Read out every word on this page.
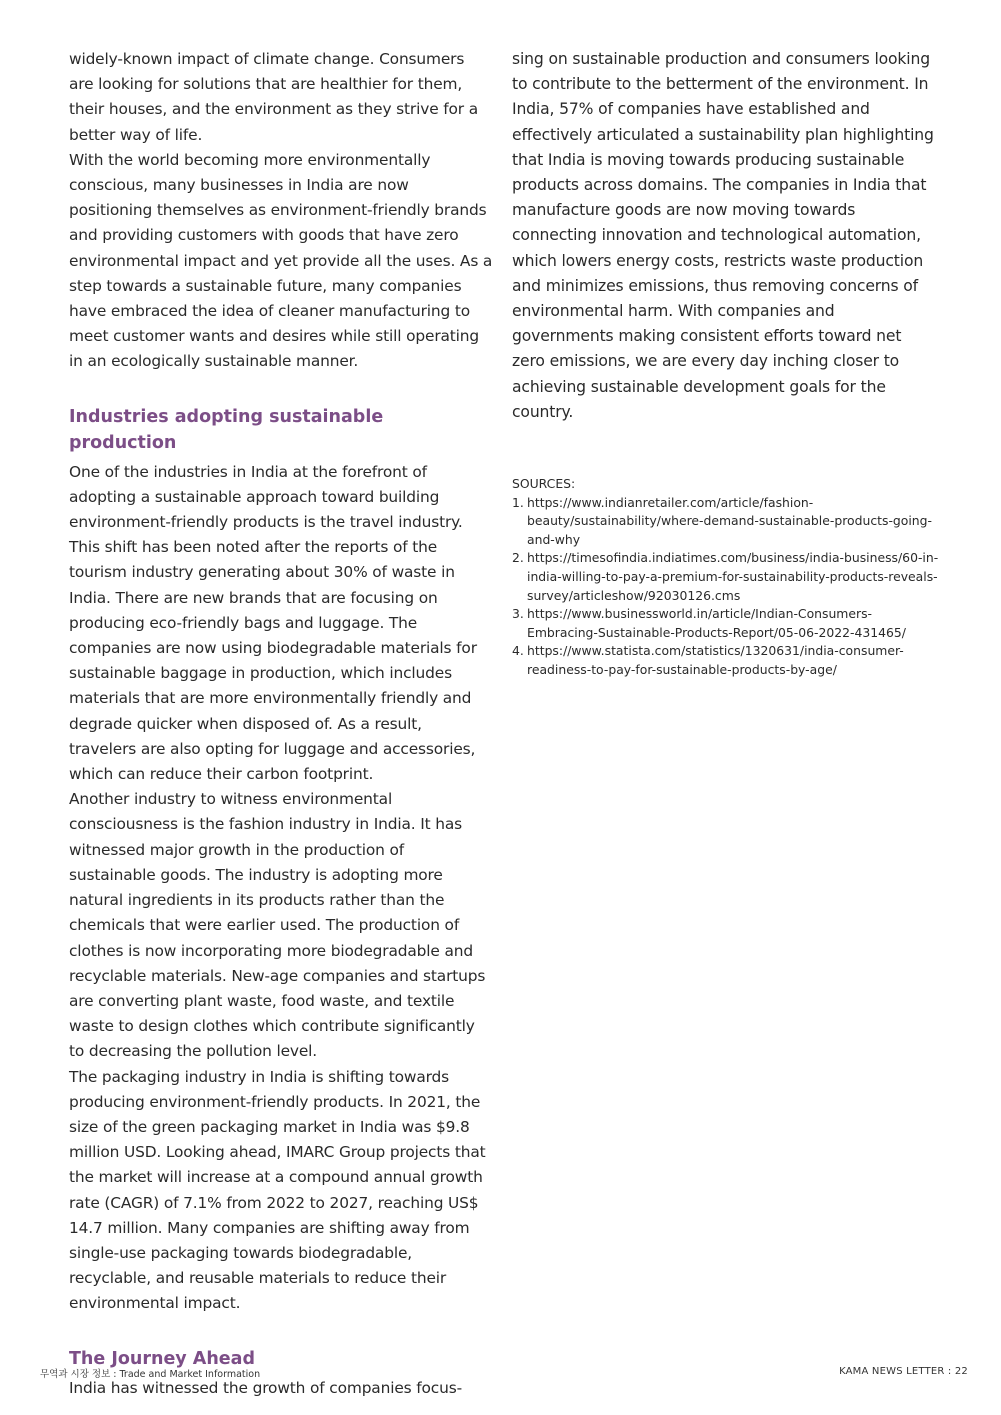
widely-known impact of climate change. Consumers are looking for solutions that are healthier for them, their houses, and the environment as they strive for a better way of life.

With the world becoming more environmentally conscious, many businesses in India are now positioning themselves as environment-friendly brands and providing customers with goods that have zero environmental impact and yet provide all the uses. As a step towards a sustainable future, many companies have embraced the idea of cleaner manufacturing to meet customer wants and desires while still operating in an ecologically sustainable manner.

Industries adopting sustainable production

One of the industries in India at the forefront of adopting a sustainable approach toward building environment-friendly products is the travel industry. This shift has been noted after the reports of the tourism industry generating about 30% of waste in India. There are new brands that are focusing on producing eco-friendly bags and luggage. The companies are now using biodegradable materials for sustainable baggage in production, which includes materials that are more environmentally friendly and degrade quicker when disposed of. As a result, travelers are also opting for luggage and accessories, which can reduce their carbon footprint.

Another industry to witness environmental consciousness is the fashion industry in India. It has witnessed major growth in the production of sustainable goods. The industry is adopting more natural ingredients in its products rather than the chemicals that were earlier used. The production of clothes is now incorporating more biodegradable and recyclable materials. New-age companies and startups are converting plant waste, food waste, and textile waste to design clothes which contribute significantly to decreasing the pollution level.

The packaging industry in India is shifting towards producing environment-friendly products. In 2021, the size of the green packaging market in India was $9.8 million USD. Looking ahead, IMARC Group projects that the market will increase at a compound annual growth rate (CAGR) of 7.1% from 2022 to 2027, reaching US$ 14.7 million. Many companies are shifting away from single-use packaging towards biodegradable, recyclable, and reusable materials to reduce their environmental impact.

The Journey Ahead

India has witnessed the growth of companies focus-

sing on sustainable production and consumers looking to contribute to the betterment of the environment. In India, 57% of companies have established and effectively articulated a sustainability plan highlighting that India is moving towards producing sustainable products across domains. The companies in India that manufacture goods are now moving towards connecting innovation and technological automation, which lowers energy costs, restricts waste production and minimizes emissions, thus removing concerns of environmental harm. With companies and governments making consistent efforts toward net zero emissions, we are every day inching closer to achieving sustainable development goals for the country.

SOURCES:

1. https://www.indianretailer.com/article/fashion-beauty/sustainability/where-demand-sustainable-products-going-and-why
2. https://timesofindia.indiatimes.com/business/india-business/60-in-india-willing-to-pay-a-premium-for-sustainability-products-reveals-survey/articleshow/92030126.cms
3. https://www.businessworld.in/article/Indian-Consumers-Embracing-Sustainable-Products-Report/05-06-2022-431465/
4. https://www.statista.com/statistics/1320631/india-consumer-readiness-to-pay-for-sustainable-products-by-age/
무역과 시장 정보 : Trade and Market Information	KAMA NEWS LETTER : 22
